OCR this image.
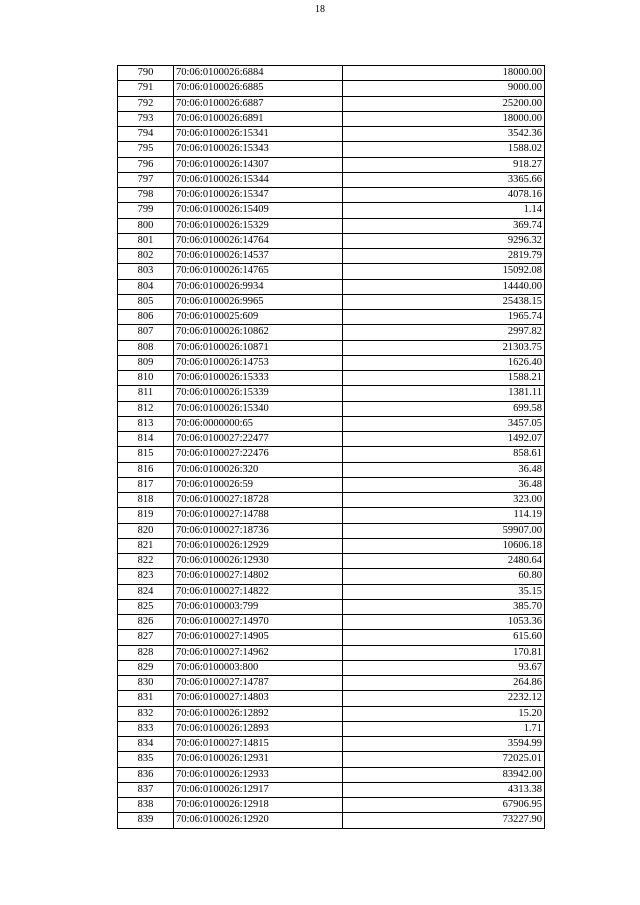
18
790	70:06:0100026:6884	18000.00
791	70:06:0100026:6885	9000.00
792	70:06:0100026:6887	25200.00
793	70:06:0100026:6891	18000.00
794	70:06:0100026:15341	3542.36
795	70:06:0100026:15343	1588.02
796	70:06:0100026:14307	918.27
797	70:06:0100026:15344	3365.66
798	70:06:0100026:15347	4078.16
799	70:06:0100026:15409	1.14
800	70:06:0100026:15329	369.74
801	70:06:0100026:14764	9296.32
802	70:06:0100026:14537	2819.79
803	70:06:0100026:14765	15092.08
804	70:06:0100026:9934	14440.00
805	70:06:0100026:9965	25438.15
806	70:06:0100025:609	1965.74
807	70:06:0100026:10862	2997.82
808	70:06:0100026:10871	21303.75
809	70:06:0100026:14753	1626.40
810	70:06:0100026:15333	1588.21
811	70:06:0100026:15339	1381.11
812	70:06:0100026:15340	699.58
813	70:06:0000000:65	3457.05
814	70:06:0100027:22477	1492.07
815	70:06:0100027:22476	858.61
816	70:06:0100026:320	36.48
817	70:06:0100026:59	36.48
818	70:06:0100027:18728	323.00
819	70:06:0100027:14788	114.19
820	70:06:0100027:18736	59907.00
821	70:06:0100026:12929	10606.18
822	70:06:0100026:12930	2480.64
823	70:06:0100027:14802	60.80
824	70:06:0100027:14822	35.15
825	70:06:0100003:799	385.70
826	70:06:0100027:14970	1053.36
827	70:06:0100027:14905	615.60
828	70:06:0100027:14962	170.81
829	70:06:0100003:800	93.67
830	70:06:0100027:14787	264.86
831	70:06:0100027:14803	2232.12
832	70:06:0100026:12892	15.20
833	70:06:0100026:12893	1.71
834	70:06:0100027:14815	3594.99
835	70:06:0100026:12931	72025.01
836	70:06:0100026:12933	83942.00
837	70:06:0100026:12917	4313.38
838	70:06:0100026:12918	67906.95
839	70:06:0100026:12920	73227.90
